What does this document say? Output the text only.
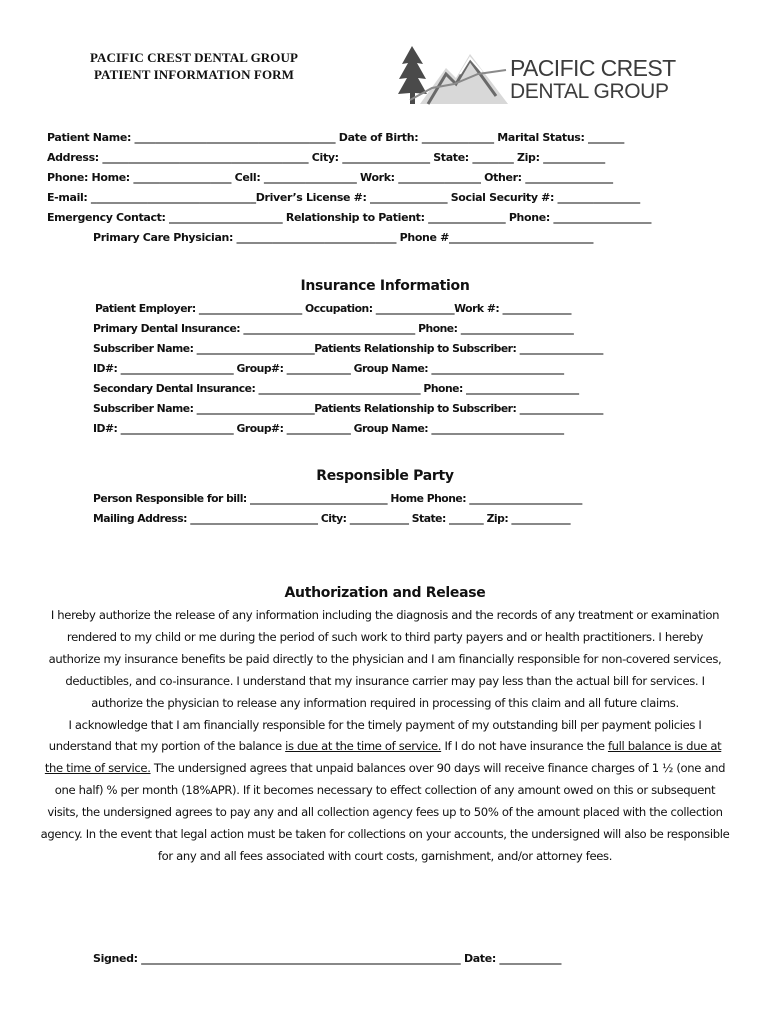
PACIFIC CREST DENTAL GROUP
PATIENT INFORMATION FORM	PACIFIC CREST
DENTAL GROUP
Patient Name: _______________________________________ Date of Birth: ______________ Marital Status: _______
Address: ________________________________________ City: _________________ State: ________ Zip: ____________
Phone: Home: ___________________ Cell: __________________ Work: ________________ Other: _________________
E-mail: ________________________________Driver’s License #: _______________ Social Security #: ________________
Emergency Contact: ______________________ Relationship to Patient: _______________ Phone: ___________________
Primary Care Physician: _______________________________ Phone #____________________________
Insurance Information
Patient Employer: _____________________ Occupation: ________________Work #: ______________
Primary Dental Insurance: ___________________________________ Phone: _______________________
Subscriber Name: ________________________Patients Relationship to Subscriber: _________________
ID#: _______________________ Group#: _____________ Group Name: ___________________________
Secondary Dental Insurance: _________________________________ Phone: _______________________
Subscriber Name: ________________________Patients Relationship to Subscriber: _________________
ID#: _______________________ Group#: _____________ Group Name: ___________________________
Responsible Party
Person Responsible for bill: ____________________________ Home Phone: _______________________
Mailing Address: __________________________ City: ____________ State: _______ Zip: ____________
Authorization and Release

I hereby authorize the release of any information including the diagnosis and the records of any treatment or examination rendered to my child or me during the period of such work to third party payers and or health practitioners. I hereby authorize my insurance benefits be paid directly to the physician and I am financially responsible for non-covered services, deductibles, and co-insurance. I understand that my insurance carrier may pay less than the actual bill for services. I authorize the physician to release any information required in processing of this claim and all future claims.

I acknowledge that I am financially responsible for the timely payment of my outstanding bill per payment policies I understand that my portion of the balance is due at the time of service. If I do not have insurance the full balance is due at the time of service. The undersigned agrees that unpaid balances over 90 days will receive finance charges of 1 ½ (one and one half) % per month (18%APR). If it becomes necessary to effect collection of any amount owed on this or subsequent visits, the undersigned agrees to pay any and all collection agency fees up to 50% of the amount placed with the collection agency. In the event that legal action must be taken for collections on your accounts, the undersigned will also be responsible for any and all fees associated with court costs, garnishment, and/or attorney fees.

Signed: ______________________________________________________________ Date: ____________
